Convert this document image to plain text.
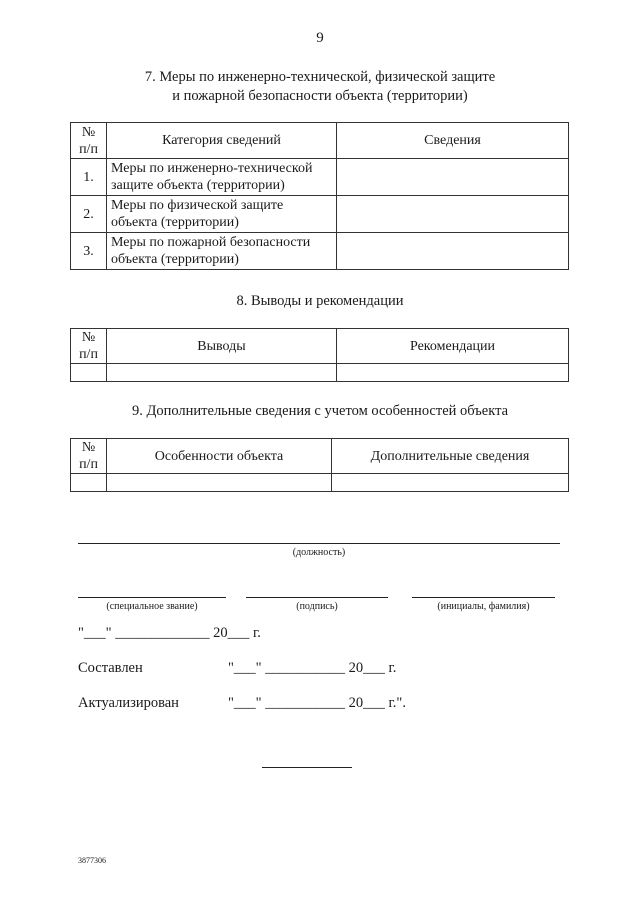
9
7. Меры по инженерно-технической, физической защите
и пожарной безопасности объекта (территории)
№
п/п	Категория сведений	Сведения
1.	Меры по инженерно-технической
защите объекта (территории)	

2.	Меры по физической защите
объекта (территории)	

3.	Меры по пожарной безопасности
объекта (территории)	

8. Выводы и рекомендации
№
п/п	Выводы	Рекомендации

9. Дополнительные сведения с учетом особенностей объекта
№
п/п	Особенности объекта	Дополнительные сведения

(должность)
(специальное звание)	(подпись)	(инициалы, фамилия)
"___" _____________ 20___ г.
Составлен	"___" ___________ 20___ г.
Актуализирован	"___" ___________ 20___ г.".
3877306
